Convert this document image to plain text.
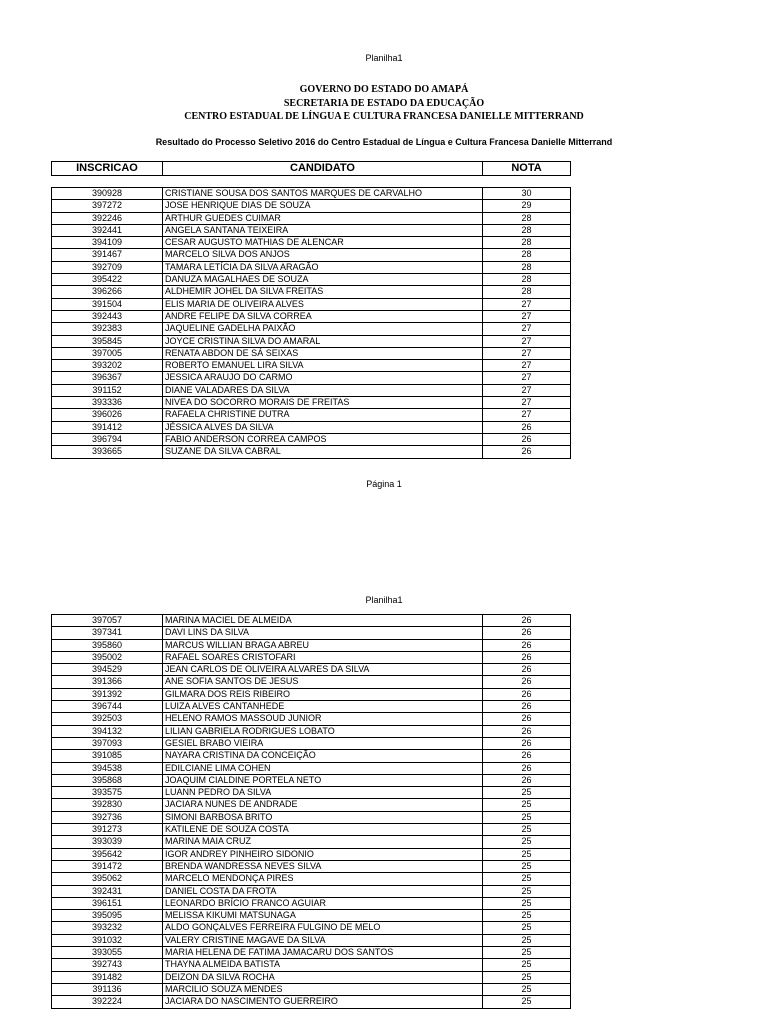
Planilha1
GOVERNO DO ESTADO DO AMAPÁ
SECRETARIA DE ESTADO DA EDUCAÇÃO
CENTRO ESTADUAL DE LÍNGUA E CULTURA FRANCESA DANIELLE MITTERRAND
Resultado do Processo Seletivo 2016 do Centro Estadual de Língua e Cultura Francesa Danielle Mitterrand
INSCRICAO	CANDIDATO	NOTA
390928	CRISTIANE SOUSA DOS SANTOS MARQUES DE CARVALHO	30
397272	JOSE HENRIQUE DIAS DE SOUZA	29
392246	ARTHUR GUEDES CUIMAR	28
392441	ANGELA SANTANA TEIXEIRA	28
394109	CESAR AUGUSTO MATHIAS DE ALENCAR	28
391467	MARCELO SILVA DOS ANJOS	28
392709	TAMARA LETÍCIA DA SILVA ARAGÃO	28
395422	DANUZA MAGALHAES DE SOUZA	28
396266	ALDHEMIR JOHEL DA SILVA FREITAS	28
391504	ELIS MARIA DE OLIVEIRA ALVES	27
392443	ANDRE FELIPE DA SILVA CORREA	27
392383	JAQUELINE GADELHA PAIXÃO	27
395845	JOYCE CRISTINA SILVA DO AMARAL	27
397005	RENATA ABDON DE SÁ SEIXAS	27
393202	ROBERTO EMANUEL LIRA SILVA	27
396367	JESSICA ARAUJO DO CARMO	27
391152	DIANE VALADARES DA SILVA	27
393336	NIVEA DO SOCORRO MORAIS DE FREITAS	27
396026	RAFAELA CHRISTINE DUTRA	27
391412	JÉSSICA ALVES DA SILVA	26
396794	FABIO ANDERSON CORREA CAMPOS	26
393665	SUZANE DA SILVA CABRAL	26
Página 1
Planilha1
397057	MARINA MACIEL DE ALMEIDA	26
397341	DAVI LINS DA SILVA	26
395860	MARCUS WILLIAN BRAGA ABREU	26
395002	RAFAEL SOARES CRISTOFARI	26
394529	JEAN CARLOS DE OLIVEIRA ALVARES DA SILVA	26
391366	ANE SOFIA SANTOS DE JESUS	26
391392	GILMARA DOS REIS RIBEIRO	26
396744	LUIZA ALVES CANTANHEDE	26
392503	HELENO RAMOS MASSOUD JUNIOR	26
394132	LILIAN GABRIELA RODRIGUES LOBATO	26
397093	GESIEL BRABO VIEIRA	26
391085	NAYARA CRISTINA DA CONCEIÇÃO	26
394538	EDILCIANE LIMA COHEN	26
395868	JOAQUIM CIALDINE PORTELA NETO	26
393575	LUANN PEDRO DA SILVA	25
392830	JACIARA NUNES DE ANDRADE	25
392736	SIMONI BARBOSA BRITO	25
391273	KATILENE DE SOUZA COSTA	25
393039	MARINA MAIA CRUZ	25
395642	IGOR ANDREY PINHEIRO SIDONIO	25
391472	BRENDA WANDRESSA NEVES SILVA	25
395062	MARCELO MENDONÇA PIRES	25
392431	DANIEL COSTA DA FROTA	25
396151	LEONARDO BRÍCIO FRANCO AGUIAR	25
395095	MELISSA KIKUMI MATSUNAGA	25
393232	ALDO GONÇALVES FERREIRA FULGINO DE MELO	25
391032	VALERY CRISTINE MAGAVE DA SILVA	25
393055	MARIA HELENA DE FATIMA JAMACARU DOS SANTOS	25
392743	THAYNA ALMEIDA BATISTA	25
391482	DEIZON DA SILVA ROCHA	25
391136	MARCILIO SOUZA MENDES	25
392224	JACIARA DO NASCIMENTO GUERREIRO	25
